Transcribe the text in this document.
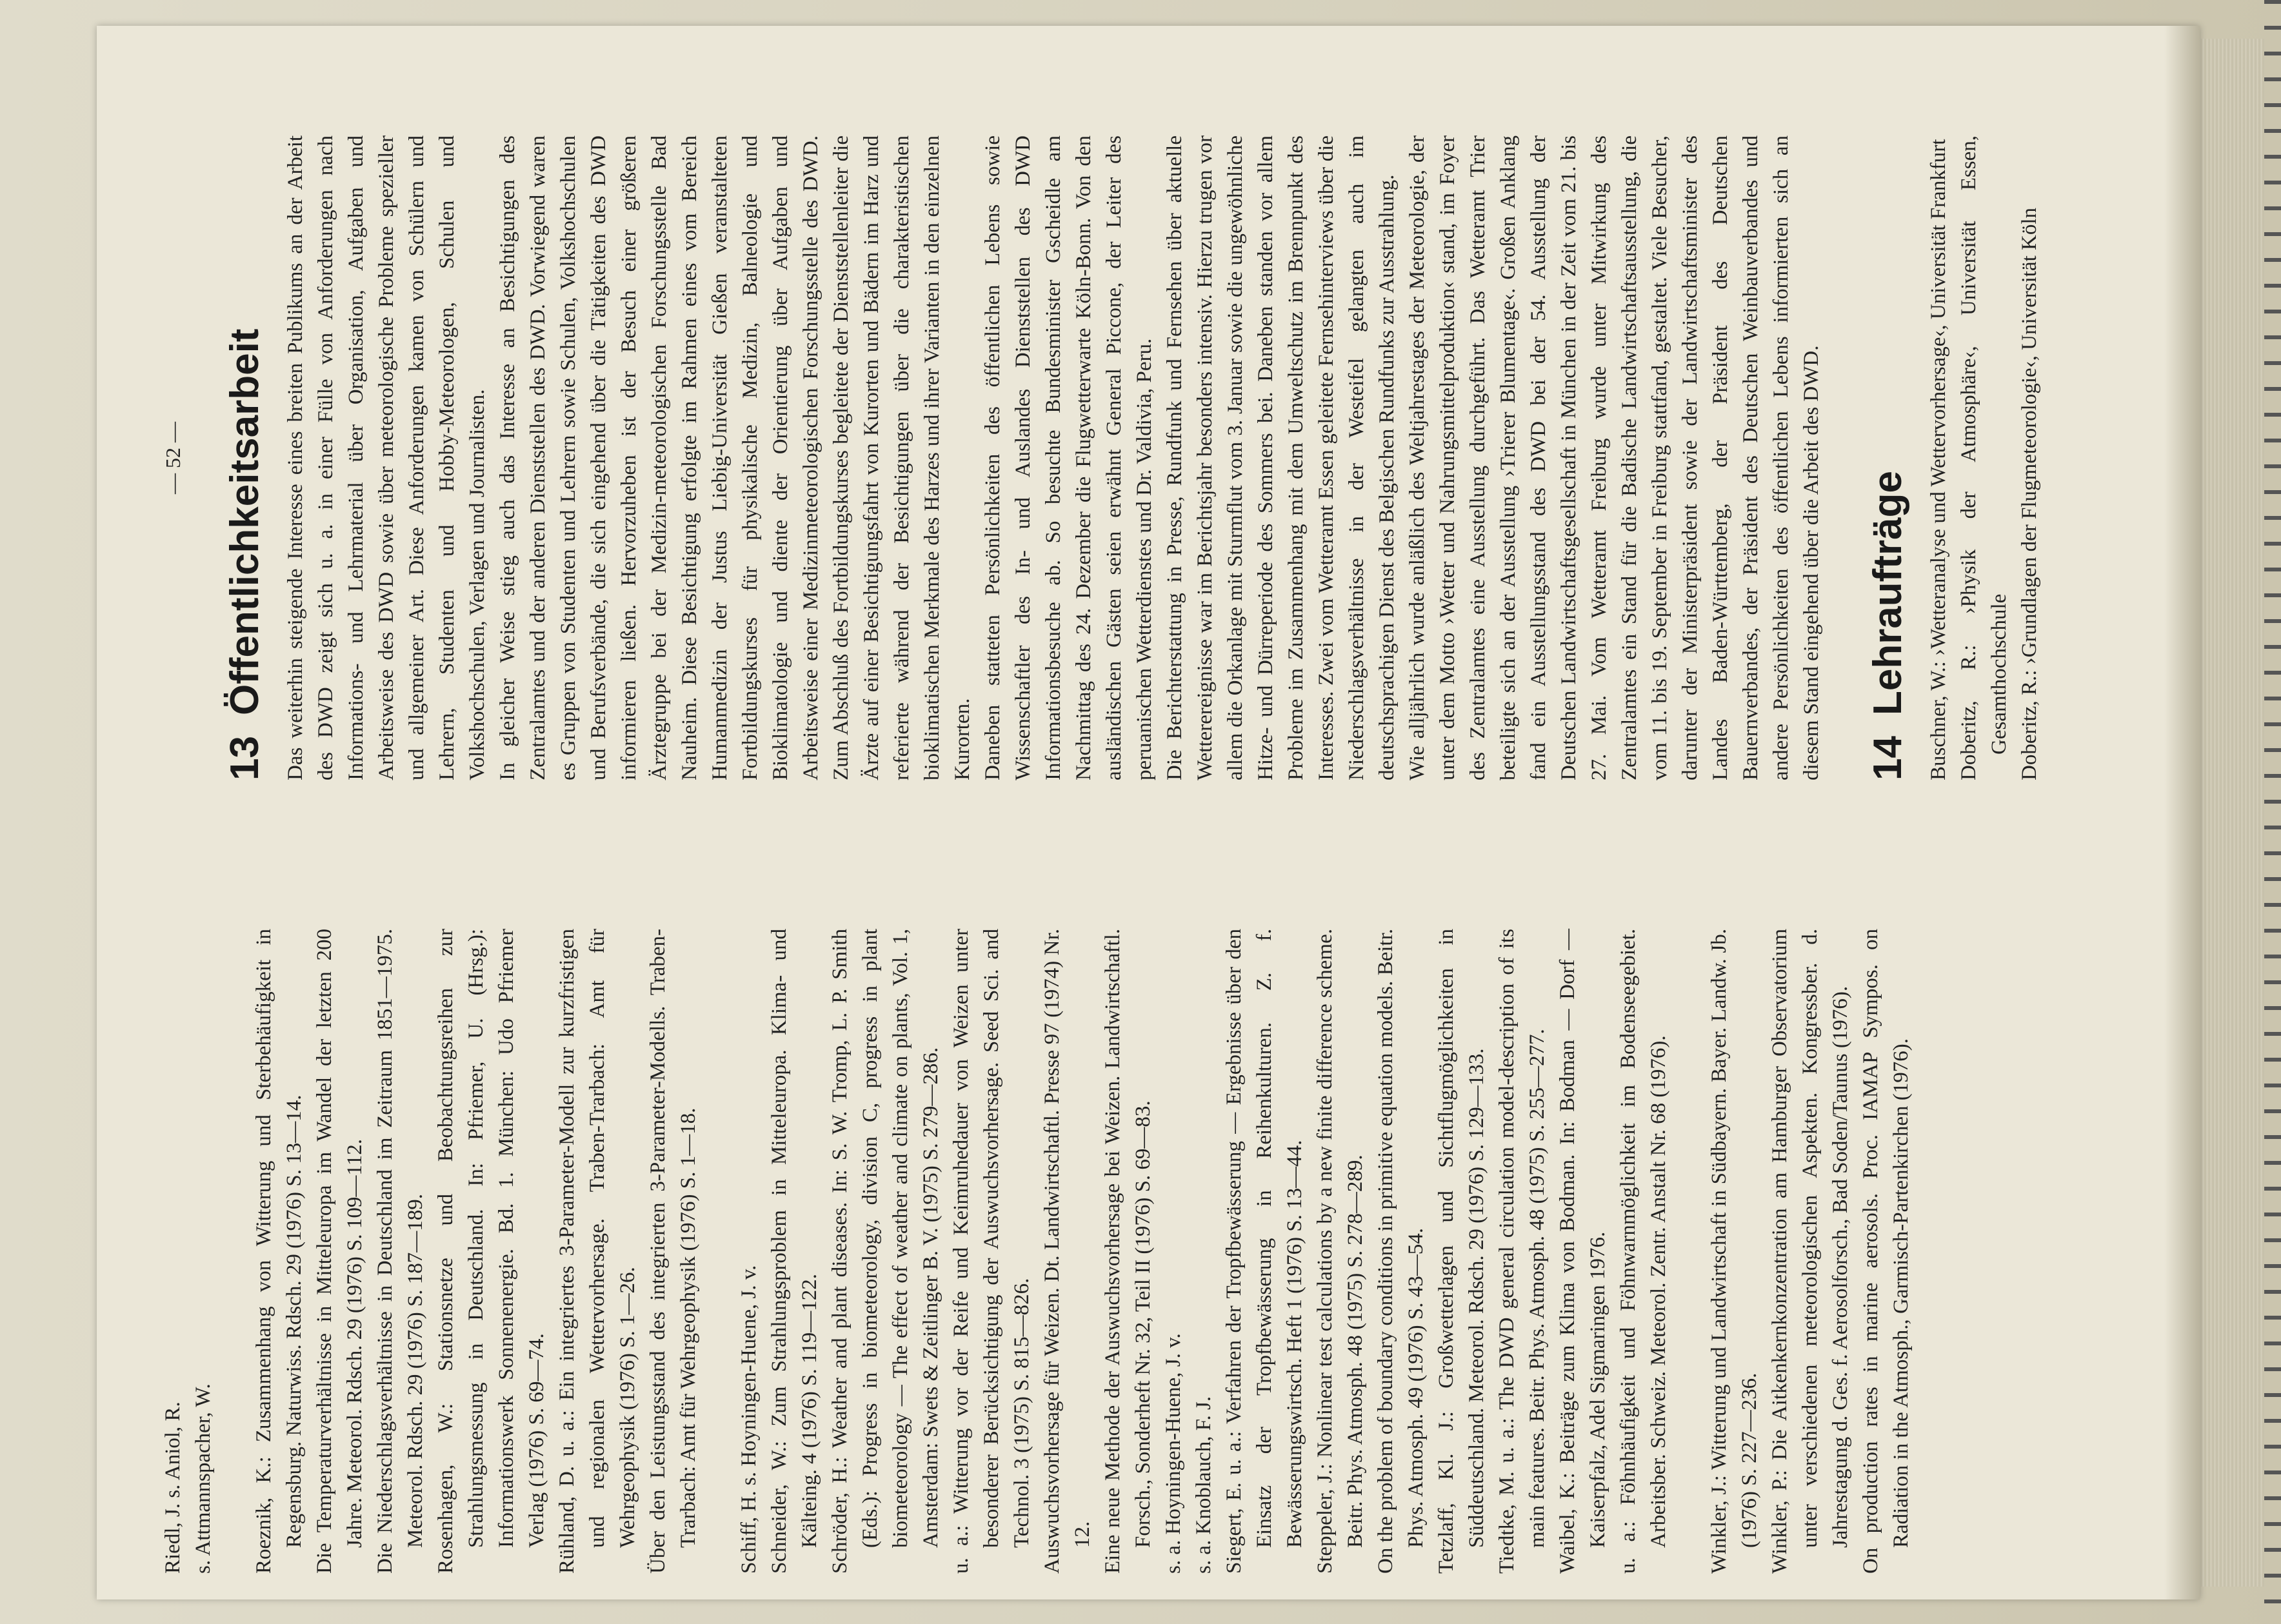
Riedl, J. s. Aniol, R. s. Attmannspacher, W. Roeznik, K.: Zusammenhang von Witterung und Sterbehäufigkeit in Regensburg. Naturwiss. Rdsch. 29 (1976) S. 13—14. Die Temperaturverhältnisse in Mitteleuropa im Wandel der letzten 200 Jahre. Meteorol. Rdsch. 29 (1976) S. 109—112. Die Niederschlagsverhältnisse in Deutschland im Zeitraum 1851—1975. Meteorol. Rdsch. 29 (1976) S. 187—189. Rosenhagen, W.: Stationsnetze und Beobachtungsreihen zur Strahlungsmessung in Deutschland. In: Pfriemer, U. (Hrsg.): Informationswerk Sonnenenergie. Bd. 1. München: Udo Pfriemer Verlag (1976) S. 69—74. Rühland, D. u. a.: Ein integriertes 3-Parameter-Modell zur kurzfristigen und regionalen Wettervorhersage. Traben-Trarbach: Amt für Wehrgeophysik (1976) S. 1—26. Über den Leistungsstand des integrierten 3-Parameter-Modells. Traben-Trarbach: Amt für Wehrgeophysik (1976) S. 1—18. Schiff, H. s. Hoyningen-Huene, J. v. Schneider, W.: Zum Strahlungsproblem in Mitteleuropa. Klima- und Kälteing. 4 (1976) S. 119—122. Schröder, H.: Weather and plant diseases. In: S. W. Tromp, L. P. Smith (Eds.): Progress in biometeorology, division C, progress in plant biometeorology — The effect of weather and climate on plants, Vol. 1, Amsterdam: Swets & Zeitlinger B. V. (1975) S. 279—286. u. a.: Witterung vor der Reife und Keimruhedauer von Weizen unter besonderer Berücksichtigung der Auswuchsvorhersage. Seed Sci. and Technol. 3 (1975) S. 815—826. Auswuchsvorhersage für Weizen. Dt. Landwirtschaftl. Presse 97 (1974) Nr. 12. Eine neue Methode der Auswuchsvorhersage bei Weizen. Landwirtschaftl. Forsch., Sonderheft Nr. 32, Teil II (1976) S. 69—83. s. a. Hoyningen-Huene, J. v. s. a. Knoblauch, F. J. Siegert, E. u. a.: Verfahren der Tropfbewässerung — Ergebnisse über den Einsatz der Tropfbewässerung in Reihenkulturen. Z. f. Bewässerungswirtsch. Heft 1 (1976) S. 13—44. Steppeler, J.: Nonlinear test calculations by a new finite difference scheme. Beitr. Phys. Atmosph. 48 (1975) S. 278—289. On the problem of boundary conditions in primitive equation models. Beitr. Phys. Atmosph. 49 (1976) S. 43—54. Tetzlaff, Kl. J.: Großwetterlagen und Sichtflugmöglichkeiten in Süddeutschland. Meteorol. Rdsch. 29 (1976) S. 129—133. Tiedtke, M. u. a.: The DWD general circulation model-description of its main features. Beitr. Phys. Atmosph. 48 (1975) S. 255—277. Waibel, K.: Beiträge zum Klima von Bodman. In: Bodman — Dorf — Kaiserpfalz, Adel Sigmaringen 1976. u. a.: Föhnhäufigkeit und Föhnwarnmöglichkeit im Bodenseegebiet. Arbeitsber. Schweiz. Meteorol. Zentr. Anstalt Nr. 68 (1976). Winkler, J.: Witterung und Landwirtschaft in Südbayern. Bayer. Landw. Jb. (1976) S. 227—236. Winkler, P.: Die Aitkenkernkonzentration am Hamburger Observatorium unter verschiedenen meteorologischen Aspekten. Kongressber. d. Jahrestagung d. Ges. f. Aerosolforsch., Bad Soden/Taunus (1976). On production rates in marine aerosols. Proc. IAMAP Sympos. on Radiation in the Atmosph., Garmisch-Partenkirchen (1976).
— 52 —
13Öffentlichkeitsarbeit Das weiterhin steigende Interesse eines breiten Publikums an der Arbeit des DWD zeigt sich u. a. in einer Fülle von Anforderungen nach Informations- und Lehrmaterial über Organisation, Aufgaben und Arbeitsweise des DWD sowie über meteorologische Probleme spezieller und allgemeiner Art. Diese Anforderungen kamen von Schülern und Lehrern, Studenten und Hobby-Meteorologen, Schulen und Volkshochschulen, Verlagen und Journalisten. In gleicher Weise stieg auch das Interesse an Besichtigungen des Zentralamtes und der anderen Dienststellen des DWD. Vorwiegend waren es Gruppen von Studenten und Lehrern sowie Schulen, Volkshochschulen und Berufsverbände, die sich eingehend über die Tätigkeiten des DWD informieren ließen. Hervorzuheben ist der Besuch einer größeren Ärztegruppe bei der Medizin-meteorologischen Forschungsstelle Bad Nauheim. Diese Besichtigung erfolgte im Rahmen eines vom Bereich Humanmedizin der Justus Liebig-Universität Gießen veranstalteten Fortbildungskurses für physikalische Medizin, Balneologie und Bioklimatologie und diente der Orientierung über Aufgaben und Arbeitsweise einer Medizinmeteorologischen Forschungsstelle des DWD. Zum Abschluß des Fortbildungskurses begleitete der Dienststellenleiter die Ärzte auf einer Besichtigungsfahrt von Kurorten und Bädern im Harz und referierte während der Besichtigungen über die charakteristischen bioklimatischen Merkmale des Harzes und ihrer Varianten in den einzelnen Kurorten. Daneben statteten Persönlichkeiten des öffentlichen Lebens sowie Wissenschaftler des In- und Auslandes Dienststellen des DWD Informationsbesuche ab. So besuchte Bundesminister Gscheidle am Nachmittag des 24. Dezember die Flugwetterwarte Köln-Bonn. Von den ausländischen Gästen seien erwähnt General Piccone, der Leiter des peruanischen Wetterdienstes und Dr. Valdivia, Peru. Die Berichterstattung in Presse, Rundfunk und Fernsehen über aktuelle Wetterereignisse war im Berichtsjahr besonders intensiv. Hierzu trugen vor allem die Orkanlage mit Sturmflut vom 3. Januar sowie die ungewöhnliche Hitze- und Dürreperiode des Sommers bei. Daneben standen vor allem Probleme im Zusammenhang mit dem Umweltschutz im Brennpunkt des Interesses. Zwei vom Wetteramt Essen geleitete Fernsehinterviews über die Niederschlagsverhältnisse in der Westeifel gelangten auch im deutschsprachigen Dienst des Belgischen Rundfunks zur Ausstrahlung. Wie alljährlich wurde anläßlich des Weltjahrestages der Meteorologie, der unter dem Motto ›Wetter und Nahrungsmittelproduktion‹ stand, im Foyer des Zentralamtes eine Ausstellung durchgeführt. Das Wetteramt Trier beteiligte sich an der Ausstellung ›Trierer Blumentage‹. Großen Anklang fand ein Ausstellungsstand des DWD bei der 54. Ausstellung der Deutschen Landwirtschaftsgesellschaft in München in der Zeit vom 21. bis 27. Mai. Vom Wetteramt Freiburg wurde unter Mitwirkung des Zentralamtes ein Stand für die Badische Landwirtschaftsausstellung, die vom 11. bis 19. September in Freiburg stattfand, gestaltet. Viele Besucher, darunter der Ministerpräsident sowie der Landwirtschaftsminister des Landes Baden-Württemberg, der Präsident des Deutschen Bauernverbandes, der Präsident des Deutschen Weinbauverbandes und andere Persönlichkeiten des öffentlichen Lebens informierten sich an diesem Stand eingehend über die Arbeit des DWD. 14Lehraufträge Buschner, W.: ›Wetteranalyse und Wettervorhersage‹, Universität Frankfurt Doberitz, R.: ›Physik der Atmosphäre‹, Universität Essen, Gesamthochschule Doberitz, R.: ›Grundlagen der Flugmeteorologie‹, Universität Köln
